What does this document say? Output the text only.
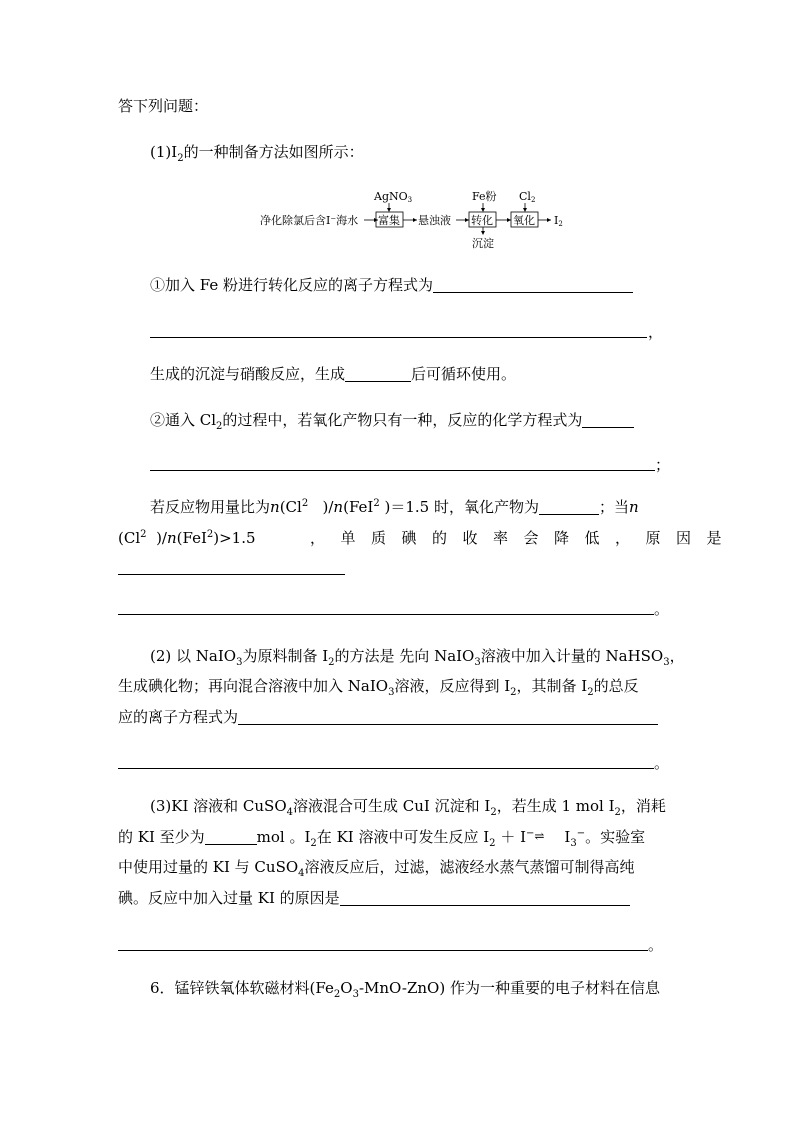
答下列问题：
$(1)I_2$的一种制备方法如图所示：
净化除氯后含I⁻海水
AgNO3
富集 悬浊液
Fe粉
转化
沉淀
Cl2
氧化 I2
①加入 Fe 粉进行转化反应的离子方程式为
，
生成的沉淀与硝酸反应，生成	后可循环使用。
②通入 $Cl_2$的过程中，若氧化产物只有一种，反应的化学方程式为
；
若反应物用量比为n(Cl$^2$ )/n(FeI$^2$ )＝1.5 时，氧化产物为	；当n
(Cl$^2$ )/n(FeI$^2$)>1.5	，单质碘的收率会降低，原因是
。
(2) 以 NaIO$_3$为原料制备 $I_2$的方法是 先向 NaIO$_3$溶液中加入计量的 NaHSO$_3$，
生成碘化物；再向混合溶液中加入 NaIO$_3$溶液，反应得到 $I_2$，其制备 $I_2$的总反
应的离子方程式为
。
(3)KI 溶液和 CuSO$_4$溶液混合可生成 CuI 沉淀和 $I_2$，若生成 1 mol $I_2$，消耗
的 KI 至少为	mol 。$I_2$在 KI 溶液中可发生反应 $I_2$ ＋ I−⇌ $I_3^-$。实验室
中使用过量的 KI 与 CuSO$_4$溶液反应后，过滤，滤液经水蒸气蒸馏可制得高纯
碘。反应中加入过量 KI 的原因是
。
6．锰锌铁氧体软磁材料$(Fe_2O_3-MnO-ZnO)$ 作为一种重要的电子材料在信息
